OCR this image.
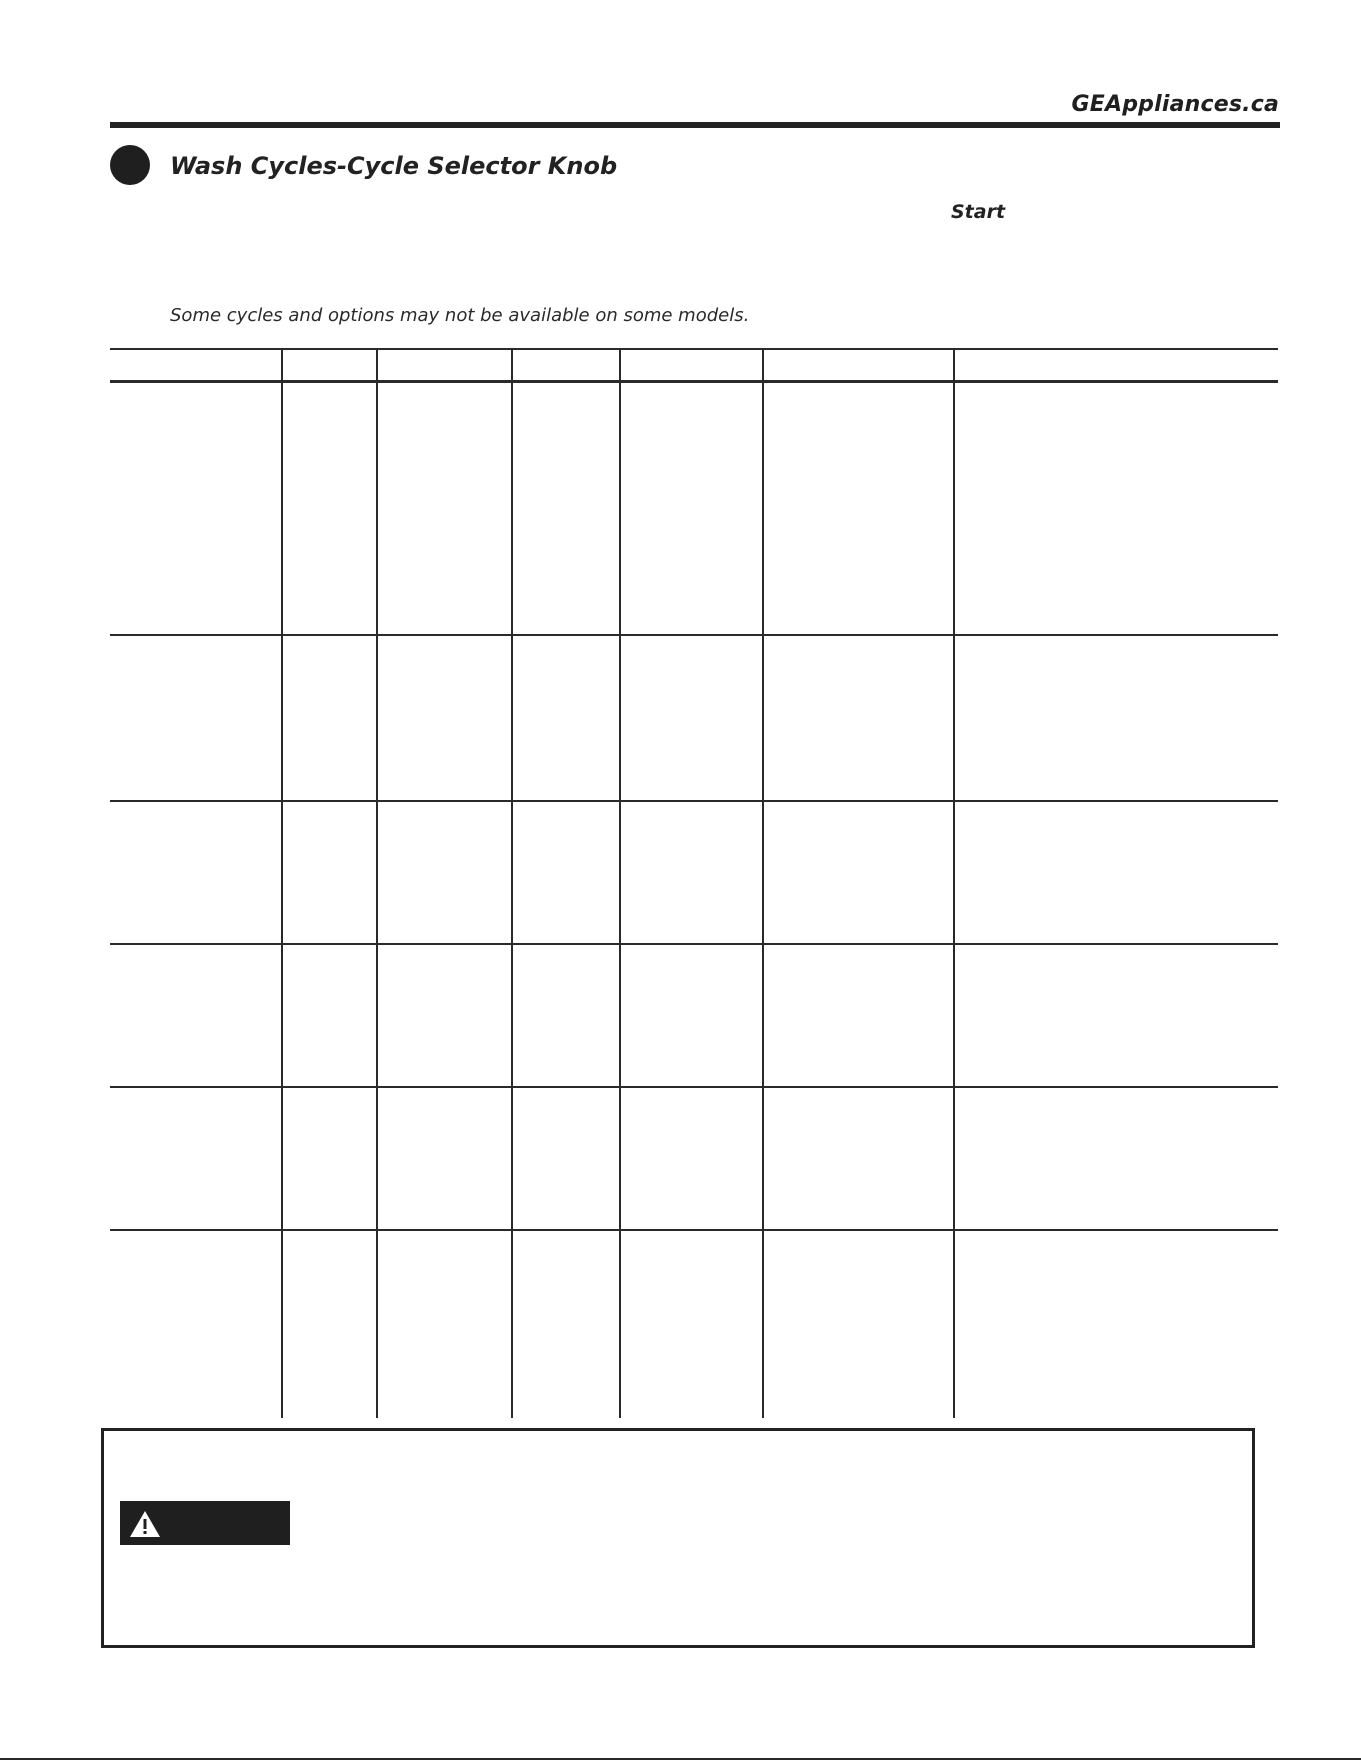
GEAppliances.ca
Wash Cycles-Cycle Selector Knob
Start
Some cycles and options may not be available on some models.
